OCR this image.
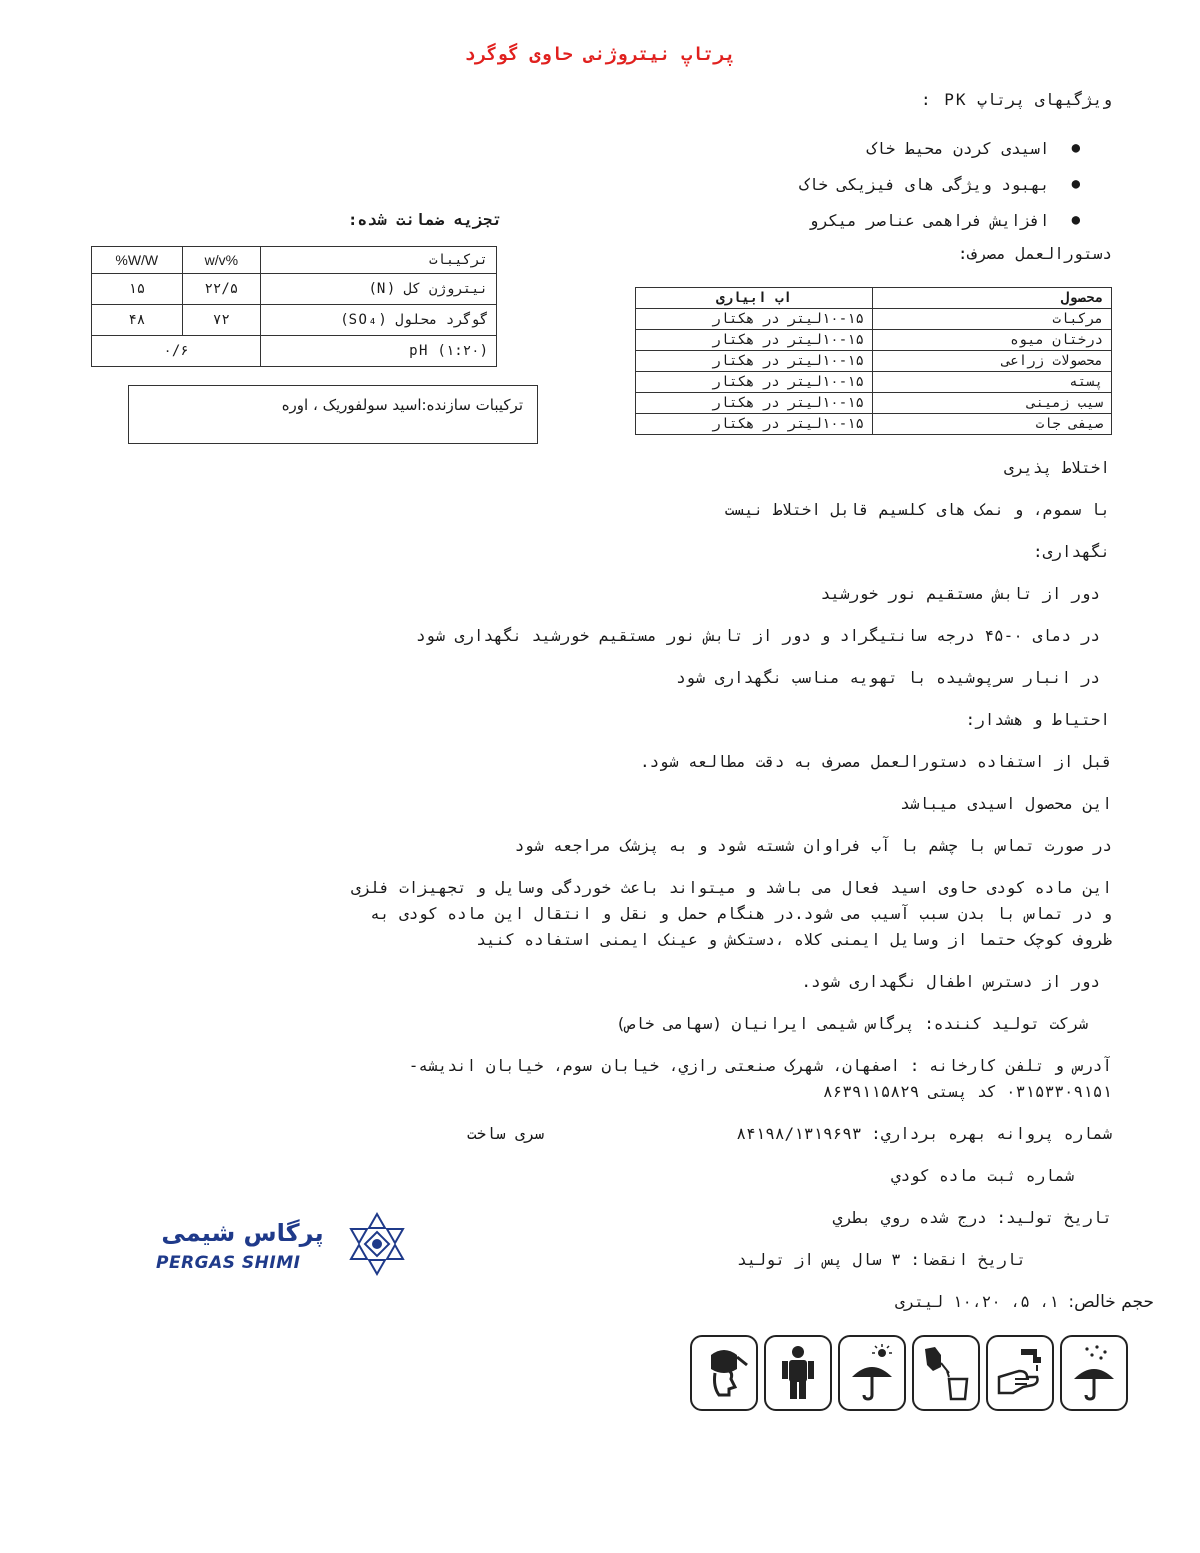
پرتاپ نیتروژنی حاوی گوگرد
ویژگیهای پرتاپ PK :
اسیدی کردن محیط خاک ●
بهبود ویژگی های فیزیکی خاک ●
افزایش فراهمی عناصر میکرو ●
دستورالعمل مصرف:
محصول	اب ابیاری
مرکبات	۱۰-۱۵لیتر در هکتار
درختان میوه	۱۰-۱۵لیتر در هکتار
محصولات زراعی	۱۰-۱۵لیتر در هکتار
پسته	۱۰-۱۵لیتر در هکتار
سیب زمینی	۱۰-۱۵لیتر در هکتار
صیفی جات	۱۰-۱۵لیتر در هکتار
تجزیه ضمانت شده:
ترکیبات	%w/v	W/W%
نیتروژن کل (N)	۲۲/۵	۱۵
گوگرد محلول (SO₄)	۷۲	۴۸
(۱:۲۰) pH	۰/۶	
ترکیبات سازنده:اسید سولفوریک ، اوره
اختلاط پذیری
با سموم، و نمک های کلسیم قابل اختلاط نیست
نگهداری:
دور از تابش مستقیم نور خورشید
در دمای ۰-۴۵ درجه سانتیگراد و دور از تابش نور مستقیم خورشید نگهداری شود
در انبار سرپوشیده با تهویه مناسب نگهداری شود
احتیاط و هشدار:
قبل از استفاده دستورالعمل مصرف به دقت مطالعه شود.
این محصول اسیدی میباشد
در صورت تماس با چشم با آب فراوان شسته شود و به پزشک مراجعه شود
این ماده کودی حاوی اسید فعال می باشد و میتواند باعث خوردگی وسایل و تجهیزات فلزی
و در تماس با بدن سبب آسیب می شود.در هنگام حمل و نقل و انتقال این ماده کودی به
ظروف کوچک حتما از وسایل ایمنی کلاه ،دستکش و عینک ایمنی استفاده کنید
دور از دسترس اطفال نگهداری شود.
شرکت تولید کننده: پرگاس شیمی ایرانیان (سهامی خاص)
آدرس و تلفن کارخانه : اصفهان، شهرک صنعتی رازي، خیابان سوم، خیابان اندیشه-
۰۳۱۵۳۳۰۹۱۵۱ کد پستی ۸۶۳۹۱۱۵۸۲۹
شماره پروانه بهره برداري: ۸۴۱۹۸/۱۳۱۹۶۹۳
سری ساخت
شماره ثبت ماده کودي
تاریخ تولید: درج شده روي بطري
تاریخ انقضا: ۳ سال پس از تولید
حجم خالص: ۱، ۵، ۱۰،۲۰ لیتری
پرگاس شیمی
PERGAS SHIMI
